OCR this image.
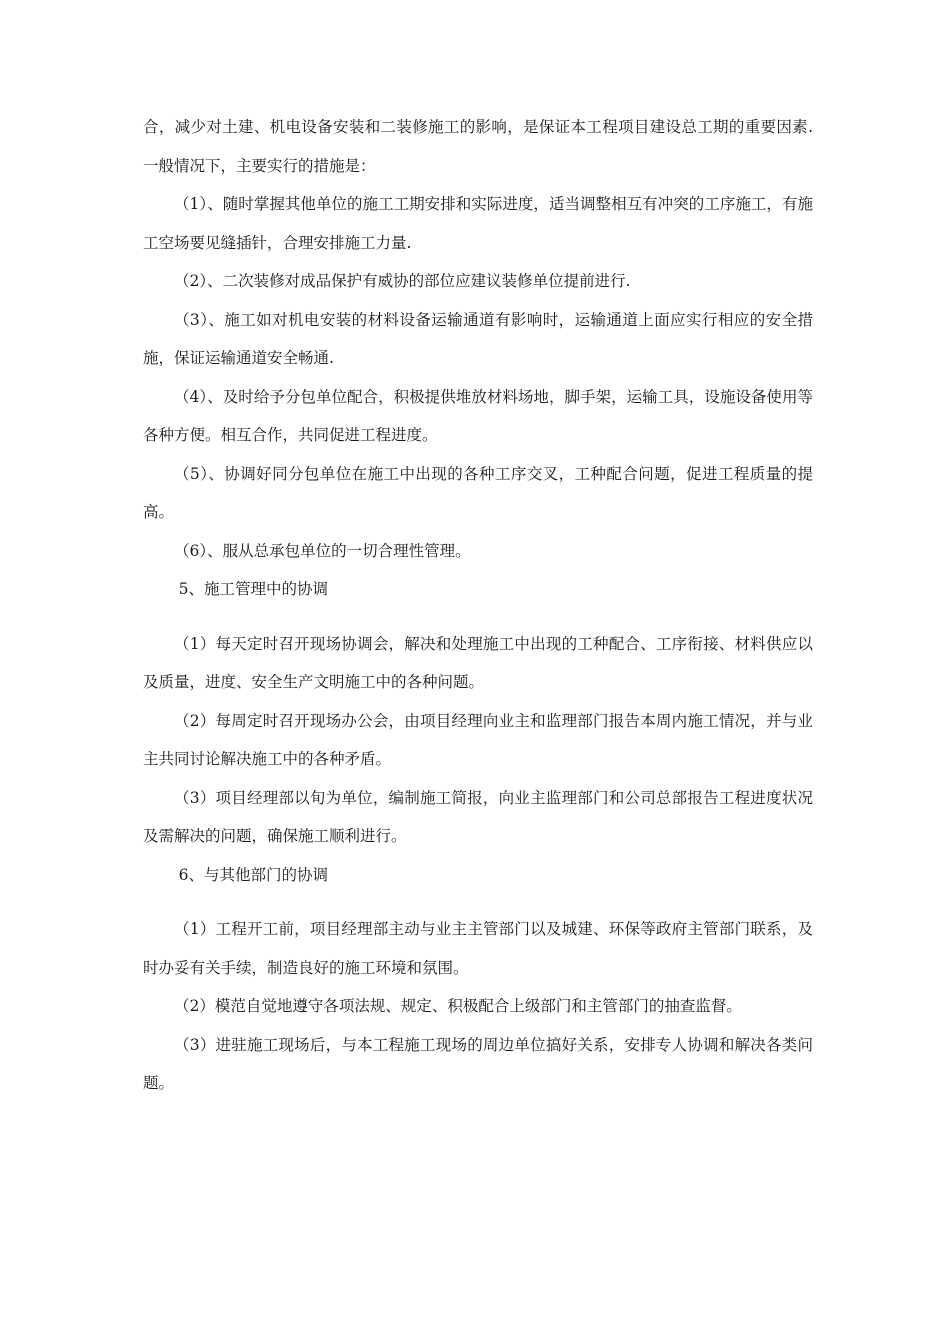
合，减少对土建、机电设备安装和二装修施工的影响，是保证本工程项目建设总工期的重要因素. 一般情况下，主要实行的措施是：

（1）、随时掌握其他单位的施工工期安排和实际进度，适当调整相互有冲突的工序施工，有施工空场要见缝插针，合理安排施工力量.

（2）、二次装修对成品保护有威协的部位应建议装修单位提前进行.

（3）、施工如对机电安装的材料设备运输通道有影响时，运输通道上面应实行相应的安全措施，保证运输通道安全畅通.

（4）、及时给予分包单位配合，积极提供堆放材料场地，脚手架，运输工具，设施设备使用等各种方便。相互合作，共同促进工程进度。

（5）、协调好同分包单位在施工中出现的各种工序交叉，工种配合问题，促进工程质量的提高。

（6）、服从总承包单位的一切合理性管理。

5、施工管理中的协调

（1）每天定时召开现场协调会，解决和处理施工中出现的工种配合、工序衔接、材料供应以及质量，进度、安全生产文明施工中的各种问题。

（2）每周定时召开现场办公会，由项目经理向业主和监理部门报告本周内施工情况，并与业主共同讨论解决施工中的各种矛盾。

（3）项目经理部以旬为单位，编制施工简报，向业主监理部门和公司总部报告工程进度状况及需解决的问题，确保施工顺利进行。

6、与其他部门的协调

（1）工程开工前，项目经理部主动与业主主管部门以及城建、环保等政府主管部门联系，及时办妥有关手续，制造良好的施工环境和氛围。

（2）模范自觉地遵守各项法规、规定、积极配合上级部门和主管部门的抽查监督。

（3）进驻施工现场后，与本工程施工现场的周边单位搞好关系，安排专人协调和解决各类问题。
